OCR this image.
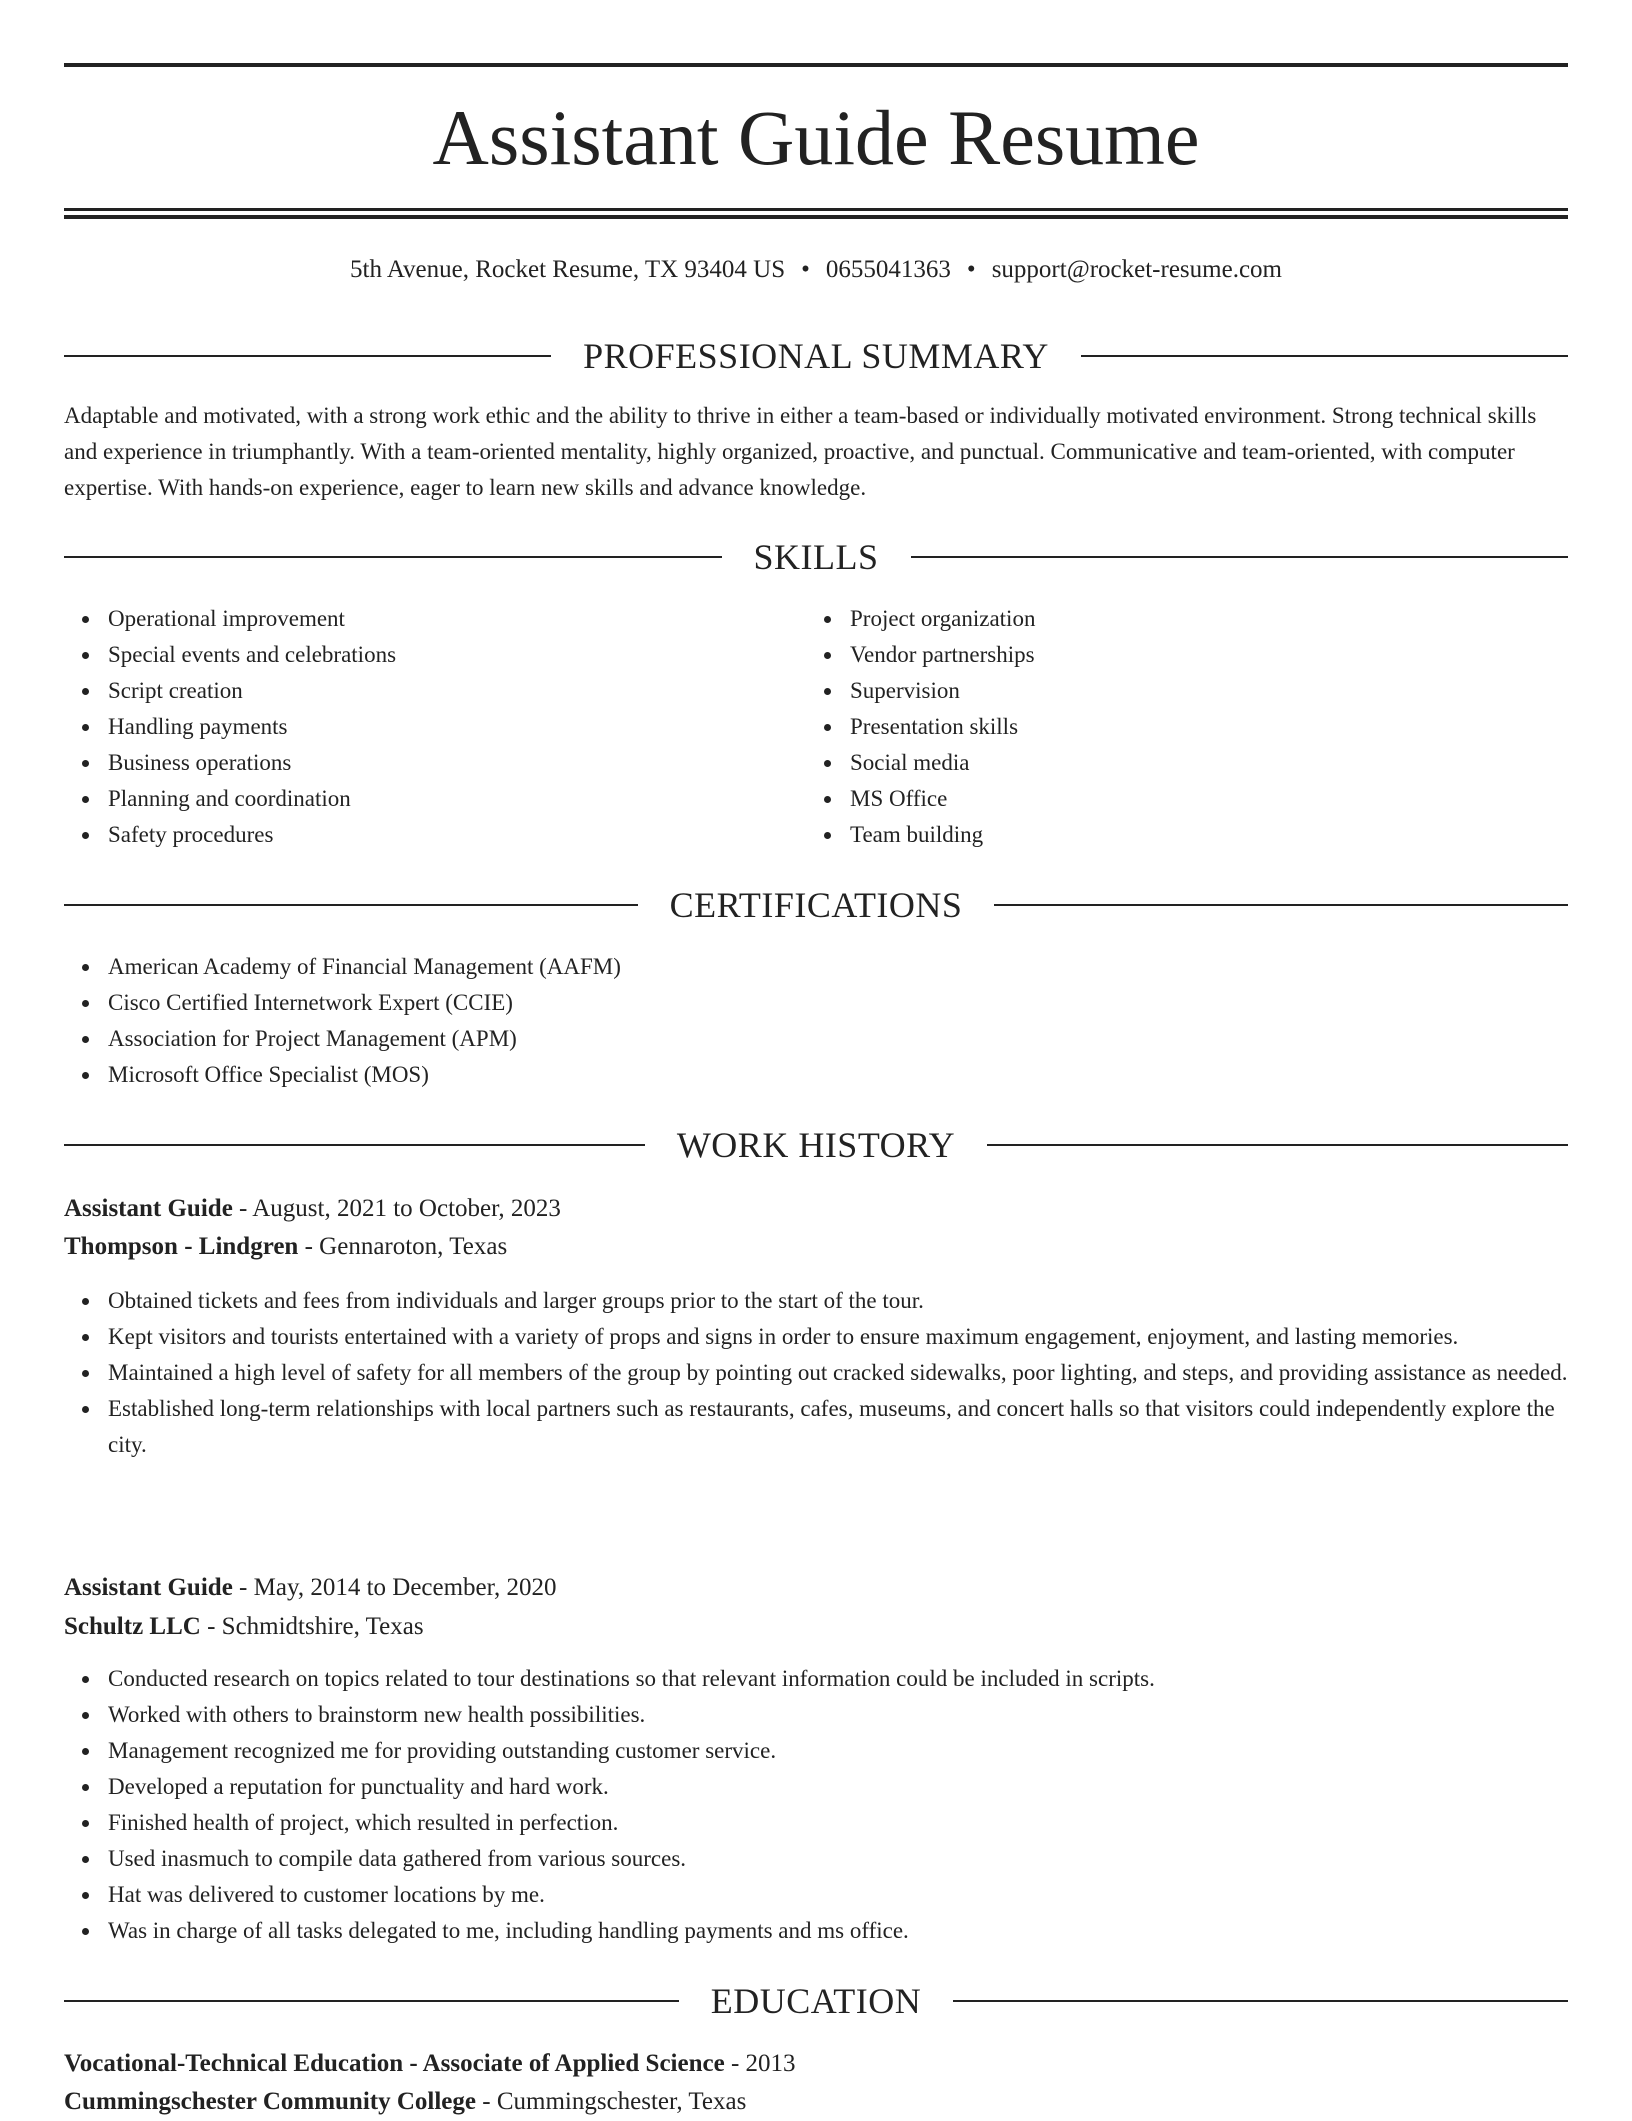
Assistant Guide Resume
5th Avenue, Rocket Resume, TX 93404 US • 0655041363 • support@rocket-resume.com
PROFESSIONAL SUMMARY

Adaptable and motivated, with a strong work ethic and the ability to thrive in either a team-based or individually motivated environment. Strong technical skills and experience in triumphantly. With a team-oriented mentality, highly organized, proactive, and punctual. Communicative and team-oriented, with computer expertise. With hands-on experience, eager to learn new skills and advance knowledge.

SKILLS
Operational improvement
Special events and celebrations
Script creation
Handling payments
Business operations
Planning and coordination
Safety procedures
Project organization
Vendor partnerships
Supervision
Presentation skills
Social media
MS Office
Team building
CERTIFICATIONS
American Academy of Financial Management (AAFM)
Cisco Certified Internetwork Expert (CCIE)
Association for Project Management (APM)
Microsoft Office Specialist (MOS)
WORK HISTORY
Assistant Guide - August, 2021 to October, 2023
Thompson - Lindgren - Gennaroton, Texas
Obtained tickets and fees from individuals and larger groups prior to the start of the tour.
Kept visitors and tourists entertained with a variety of props and signs in order to ensure maximum engagement, enjoyment, and lasting memories.
Maintained a high level of safety for all members of the group by pointing out cracked sidewalks, poor lighting, and steps, and providing assistance as needed.
Established long-term relationships with local partners such as restaurants, cafes, museums, and concert halls so that visitors could independently explore the city.
Assistant Guide - May, 2014 to December, 2020
Schultz LLC - Schmidtshire, Texas
Conducted research on topics related to tour destinations so that relevant information could be included in scripts.
Worked with others to brainstorm new health possibilities.
Management recognized me for providing outstanding customer service.
Developed a reputation for punctuality and hard work.
Finished health of project, which resulted in perfection.
Used inasmuch to compile data gathered from various sources.
Hat was delivered to customer locations by me.
Was in charge of all tasks delegated to me, including handling payments and ms office.
EDUCATION
Vocational-Technical Education - Associate of Applied Science - 2013
Cummingschester Community College - Cummingschester, Texas
